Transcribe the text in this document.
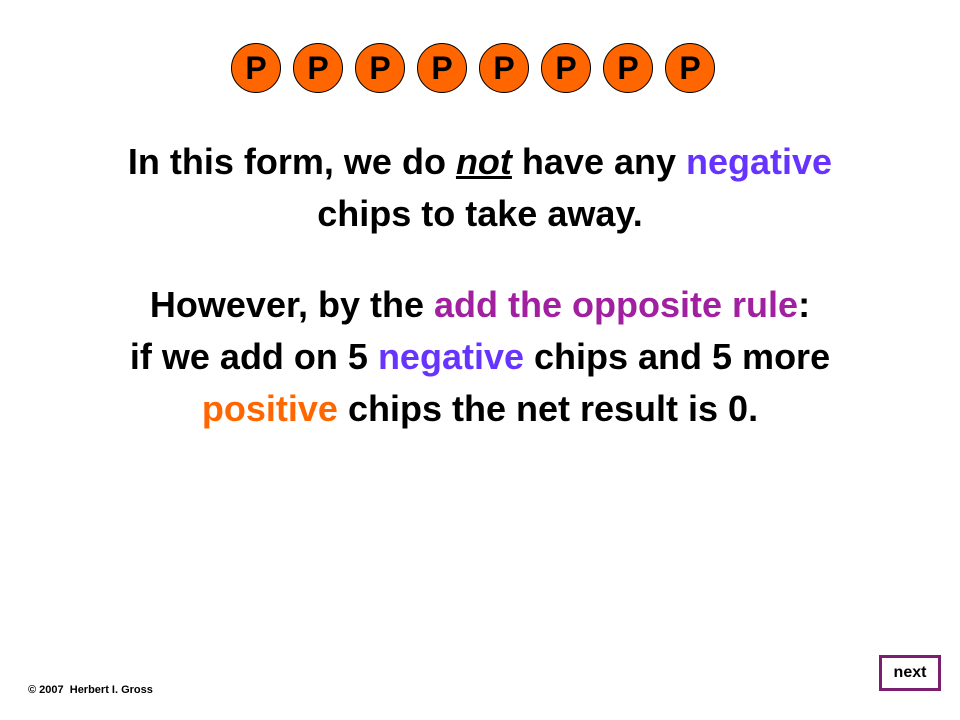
P	P	P	P	P	P	P	P
In this form, we do not have any negative
chips to take away.
However, by the add the opposite rule:
if we add on 5 negative chips and 5 more
positive chips the net result is 0.
© 2007  Herbert I. Gross
next
